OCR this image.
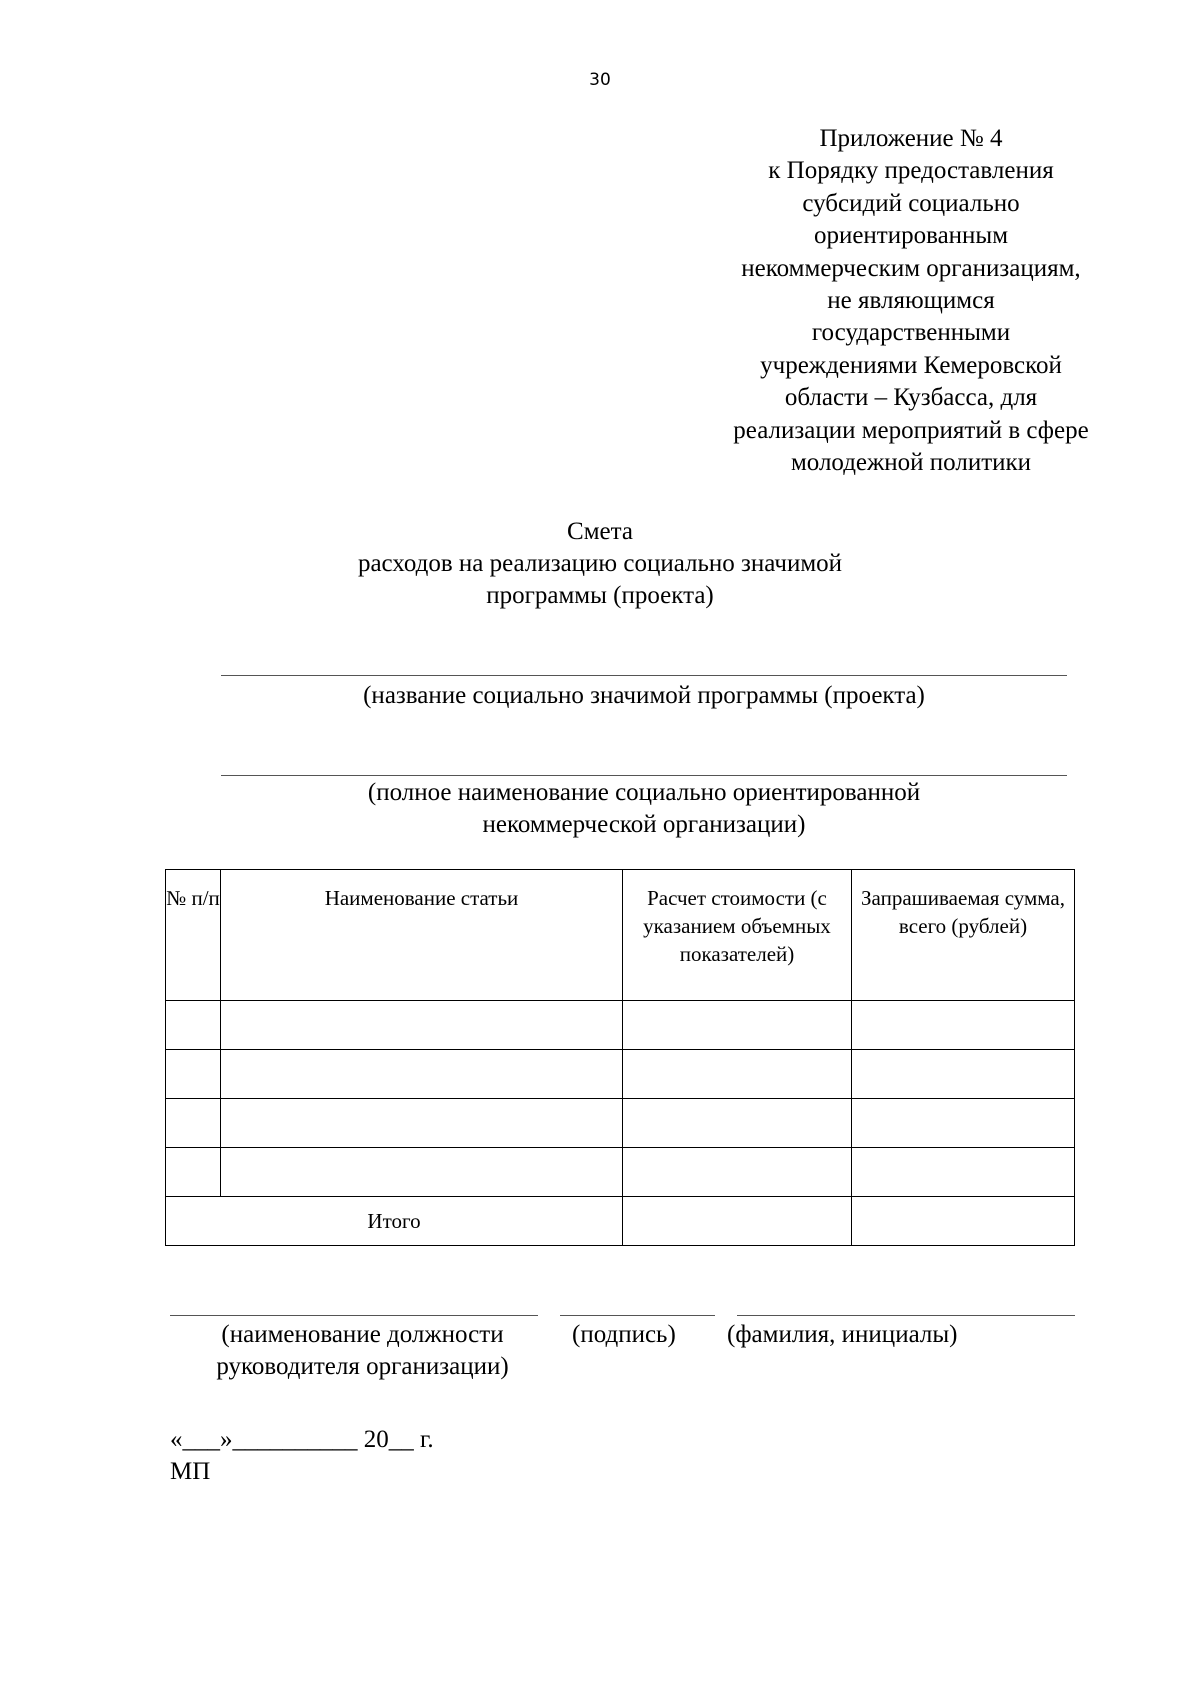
30
Приложение № 4
к Порядку предоставления
субсидий социально
ориентированным
некоммерческим организациям,
не являющимся
государственными
учреждениями Кемеровской
области – Кузбасса, для
реализации мероприятий в сфере
молодежной политики
Смета
расходов на реализацию социально значимой
программы (проекта)
(название социально значимой программы (проекта)
(полное наименование социально ориентированной
некоммерческой организации)
№ п/п	Наименование статьи	Расчет стоимости (с указанием объемных показателей)	Запрашиваемая сумма, всего (рублей)

Итого			
(наименование должности
руководителя организации)
(подпись) (фамилия, инициалы)
«___»__________ 20__ г.
МП
